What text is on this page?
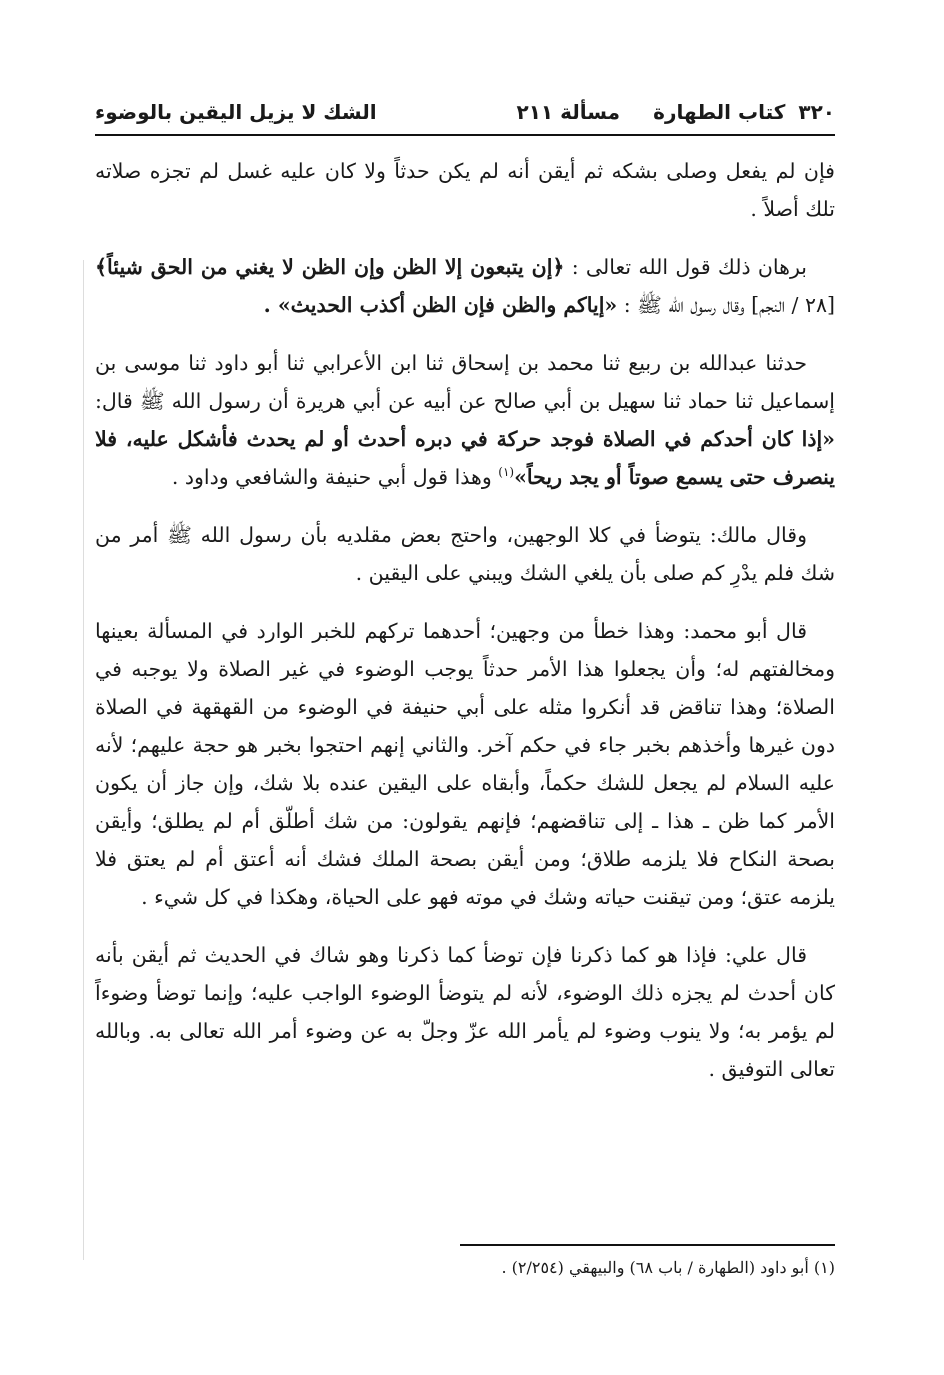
٣٢٠ كتاب الطهارة
مسألة ٢١١
الشك لا يزيل اليقين بالوضوء

فإن لم يفعل وصلى بشكه ثم أيقن أنه لم يكن حدثاً ولا كان عليه غسل لم تجزه صلاته تلك أصلاً .

برهان ذلك قول الله تعالى : ﴿إن يتبعون إلا الظن وإن الظن لا يغني من الحق شيئاً﴾ [٢٨ / النجم] وقال رسول الله ﷺ : «إياكم والظن فإن الظن أكذب الحديث» .

حدثنا عبدالله بن ربيع ثنا محمد بن إسحاق ثنا ابن الأعرابي ثنا أبو داود ثنا موسى بن إسماعيل ثنا حماد ثنا سهيل بن أبي صالح عن أبيه عن أبي هريرة أن رسول الله ﷺ قال: «إذا كان أحدكم في الصلاة فوجد حركة في دبره أحدث أو لم يحدث فأشكل عليه، فلا ينصرف حتى يسمع صوتاً أو يجد ريحاً»$^{(١)}$ وهذا قول أبي حنيفة والشافعي وداود .

وقال مالك: يتوضأ في كلا الوجهين، واحتج بعض مقلديه بأن رسول الله ﷺ أمر من شك فلم يدْرِ كم صلى بأن يلغي الشك ويبني على اليقين .

قال أبو محمد: وهذا خطأ من وجهين؛ أحدهما تركهم للخبر الوارد في المسألة بعينها ومخالفتهم له؛ وأن يجعلوا هذا الأمر حدثاً يوجب الوضوء في غير الصلاة ولا يوجبه في الصلاة؛ وهذا تناقض قد أنكروا مثله على أبي حنيفة في الوضوء من القهقهة في الصلاة دون غيرها وأخذهم بخبر جاء في حكم آخر. والثاني إنهم احتجوا بخبر هو حجة عليهم؛ لأنه عليه السلام لم يجعل للشك حكماً، وأبقاه على اليقين عنده بلا شك، وإن جاز أن يكون الأمر كما ظن ـ هذا ـ إلى تناقضهم؛ فإنهم يقولون: من شك أطلّق أم لم يطلق؛ وأيقن بصحة النكاح فلا يلزمه طلاق؛ ومن أيقن بصحة الملك فشك أنه أعتق أم لم يعتق فلا يلزمه عتق؛ ومن تيقنت حياته وشك في موته فهو على الحياة، وهكذا في كل شيء .

قال علي: فإذا هو كما ذكرنا فإن توضأ كما ذكرنا وهو شاك في الحديث ثم أيقن بأنه كان أحدث لم يجزه ذلك الوضوء، لأنه لم يتوضأ الوضوء الواجب عليه؛ وإنما توضأ وضوءاً لم يؤمر به؛ ولا ينوب وضوء لم يأمر الله عزّ وجلّ به عن وضوء أمر الله تعالى به. وبالله تعالى التوفيق .

(١) أبو داود (الطهارة / باب ٦٨) والبيهقي (٢/٢٥٤) .
